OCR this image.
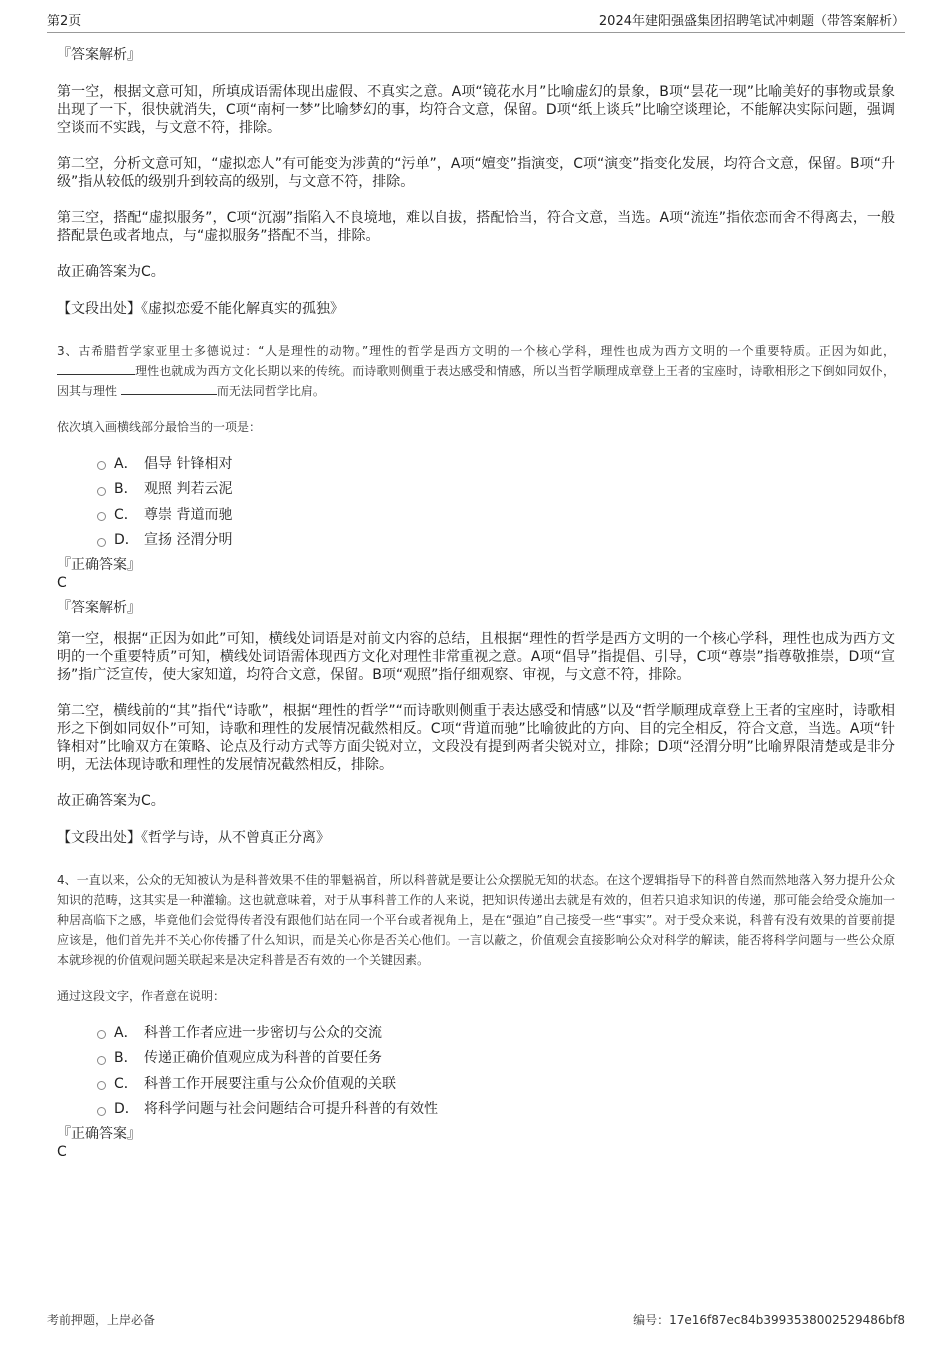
第2页	2024年建阳强盛集团招聘笔试冲刺题（带答案解析）

『答案解析』

第一空，根据文意可知，所填成语需体现出虚假、不真实之意。A项“镜花水月”比喻虚幻的景象，B项“昙花一现”比喻美好的事物或景象出现了一下，很快就消失，C项“南柯一梦”比喻梦幻的事，均符合文意，保留。D项“纸上谈兵”比喻空谈理论，不能解决实际问题，强调空谈而不实践，与文意不符，排除。

第二空，分析文意可知，“虚拟恋人”有可能变为涉黄的“污单”，A项“嬗变”指演变，C项“演变”指变化发展，均符合文意，保留。B项“升级”指从较低的级别升到较高的级别，与文意不符，排除。

第三空，搭配“虚拟服务”，C项“沉溺”指陷入不良境地，难以自拔，搭配恰当，符合文意，当选。A项“流连”指依恋而舍不得离去，一般搭配景色或者地点，与“虚拟服务”搭配不当，排除。

故正确答案为C。

【文段出处】《虚拟恋爱不能化解真实的孤独》

3、古希腊哲学家亚里士多德说过：“人是理性的动物。”理性的哲学是西方文明的一个核心学科，理性也成为西方文明的一个重要特质。正因为如此， 理性也就成为西方文化长期以来的传统。而诗歌则侧重于表达感受和情感，所以当哲学顺理成章登上王者的宝座时，诗歌相形之下倒如同奴仆，因其与理性	而无法同哲学比肩。

依次填入画横线部分最恰当的一项是：

A． 倡导 针锋相对
B． 观照 判若云泥
C． 尊崇 背道而驰
D． 宣扬 泾渭分明

『正确答案』

C

『答案解析』

第一空，根据“正因为如此”可知，横线处词语是对前文内容的总结，且根据“理性的哲学是西方文明的一个核心学科，理性也成为西方文明的一个重要特质”可知，横线处词语需体现西方文化对理性非常重视之意。A项“倡导”指提倡、引导，C项“尊崇”指尊敬推崇，D项“宣扬”指广泛宣传，使大家知道，均符合文意，保留。B项“观照”指仔细观察、审视，与文意不符，排除。

第二空，横线前的“其”指代“诗歌”，根据“理性的哲学”“而诗歌则侧重于表达感受和情感”以及“哲学顺理成章登上王者的宝座时，诗歌相形之下倒如同奴仆”可知，诗歌和理性的发展情况截然相反。C项“背道而驰”比喻彼此的方向、目的完全相反，符合文意，当选。A项“针锋相对”比喻双方在策略、论点及行动方式等方面尖锐对立，文段没有提到两者尖锐对立，排除；D项“泾渭分明”比喻界限清楚或是非分明，无法体现诗歌和理性的发展情况截然相反，排除。

故正确答案为C。

【文段出处】《哲学与诗，从不曾真正分离》

4、一直以来，公众的无知被认为是科普效果不佳的罪魁祸首，所以科普就是要让公众摆脱无知的状态。在这个逻辑指导下的科普自然而然地落入努力提升公众知识的范畴，这其实是一种灌输。这也就意味着，对于从事科普工作的人来说，把知识传递出去就是有效的，但若只追求知识的传递，那可能会给受众施加一种居高临下之感，毕竟他们会觉得传者没有跟他们站在同一个平台或者视角上，是在“强迫”自己接受一些“事实”。对于受众来说，科普有没有效果的首要前提应该是，他们首先并不关心你传播了什么知识，而是关心你是否关心他们。一言以蔽之，价值观会直接影响公众对科学的解读，能否将科学问题与一些公众原本就珍视的价值观问题关联起来是决定科普是否有效的一个关键因素。

通过这段文字，作者意在说明：

A． 科普工作者应进一步密切与公众的交流
B． 传递正确价值观应成为科普的首要任务
C． 科普工作开展要注重与公众价值观的关联
D． 将科学问题与社会问题结合可提升科普的有效性

『正确答案』

C

考前押题，上岸必备	编号：17e16f87ec84b3993538002529486bf8
